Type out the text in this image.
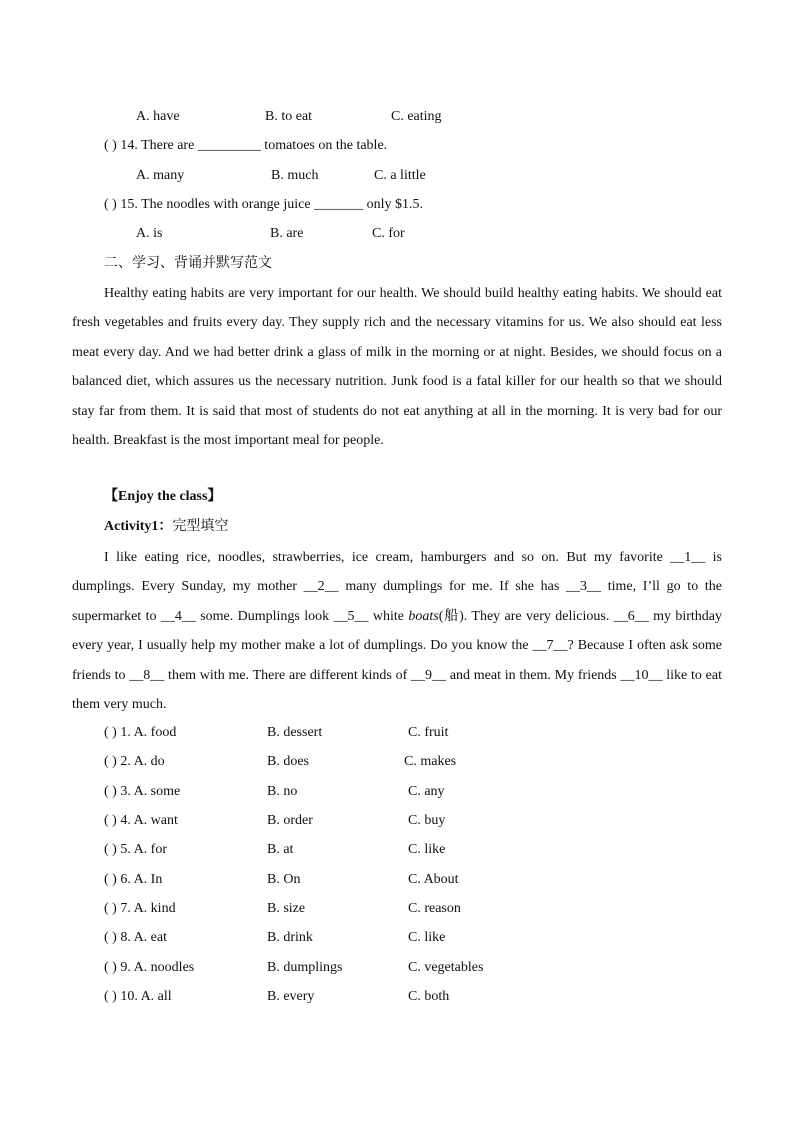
A. have	B. to eat	C. eating
( ) 14. There are _________ tomatoes on the table.
A. many	B. much	C. a little
( ) 15. The noodles with orange juice _______ only $1.5.
A. is	B. are	C. for
二、学习、背诵并默写范文
Healthy eating habits are very important for our health. We should build healthy eating habits. We should eat fresh vegetables and fruits every day. They supply rich and the necessary vitamins for us. We also should eat less meat every day. And we had better drink a glass of milk in the morning or at night. Besides, we should focus on a balanced diet, which assures us the necessary nutrition. Junk food is a fatal killer for our health so that we should stay far from them. It is said that most of students do not eat anything at all in the morning. It is very bad for our health. Breakfast is the most important meal for people.
【Enjoy the class】
Activity1：完型填空
I like eating rice, noodles, strawberries, ice cream, hamburgers and so on. But my favorite __1__ is dumplings. Every Sunday, my mother __2__ many dumplings for me. If she has __3__ time, I’ll go to the supermarket to __4__ some. Dumplings look __5__ white boats(船). They are very delicious. __6__ my birthday every year, I usually help my mother make a lot of dumplings. Do you know the __7__? Because I often ask some friends to __8__ them with me. There are different kinds of __9__ and meat in them. My friends __10__ like to eat them very much.
( ) 1. A. food	B. dessert	C. fruit
( ) 2. A. do	B. does	C. makes
( ) 3. A. some	B. no	C. any
( ) 4. A. want	B. order	C. buy
( ) 5. A. for	B. at	C. like
( ) 6. A. In	B. On	C. About
( ) 7. A. kind	B. size	C. reason
( ) 8. A. eat	B. drink	C. like
( ) 9. A. noodles	B. dumplings	C. vegetables
( ) 10. A. all	B. every	C. both
